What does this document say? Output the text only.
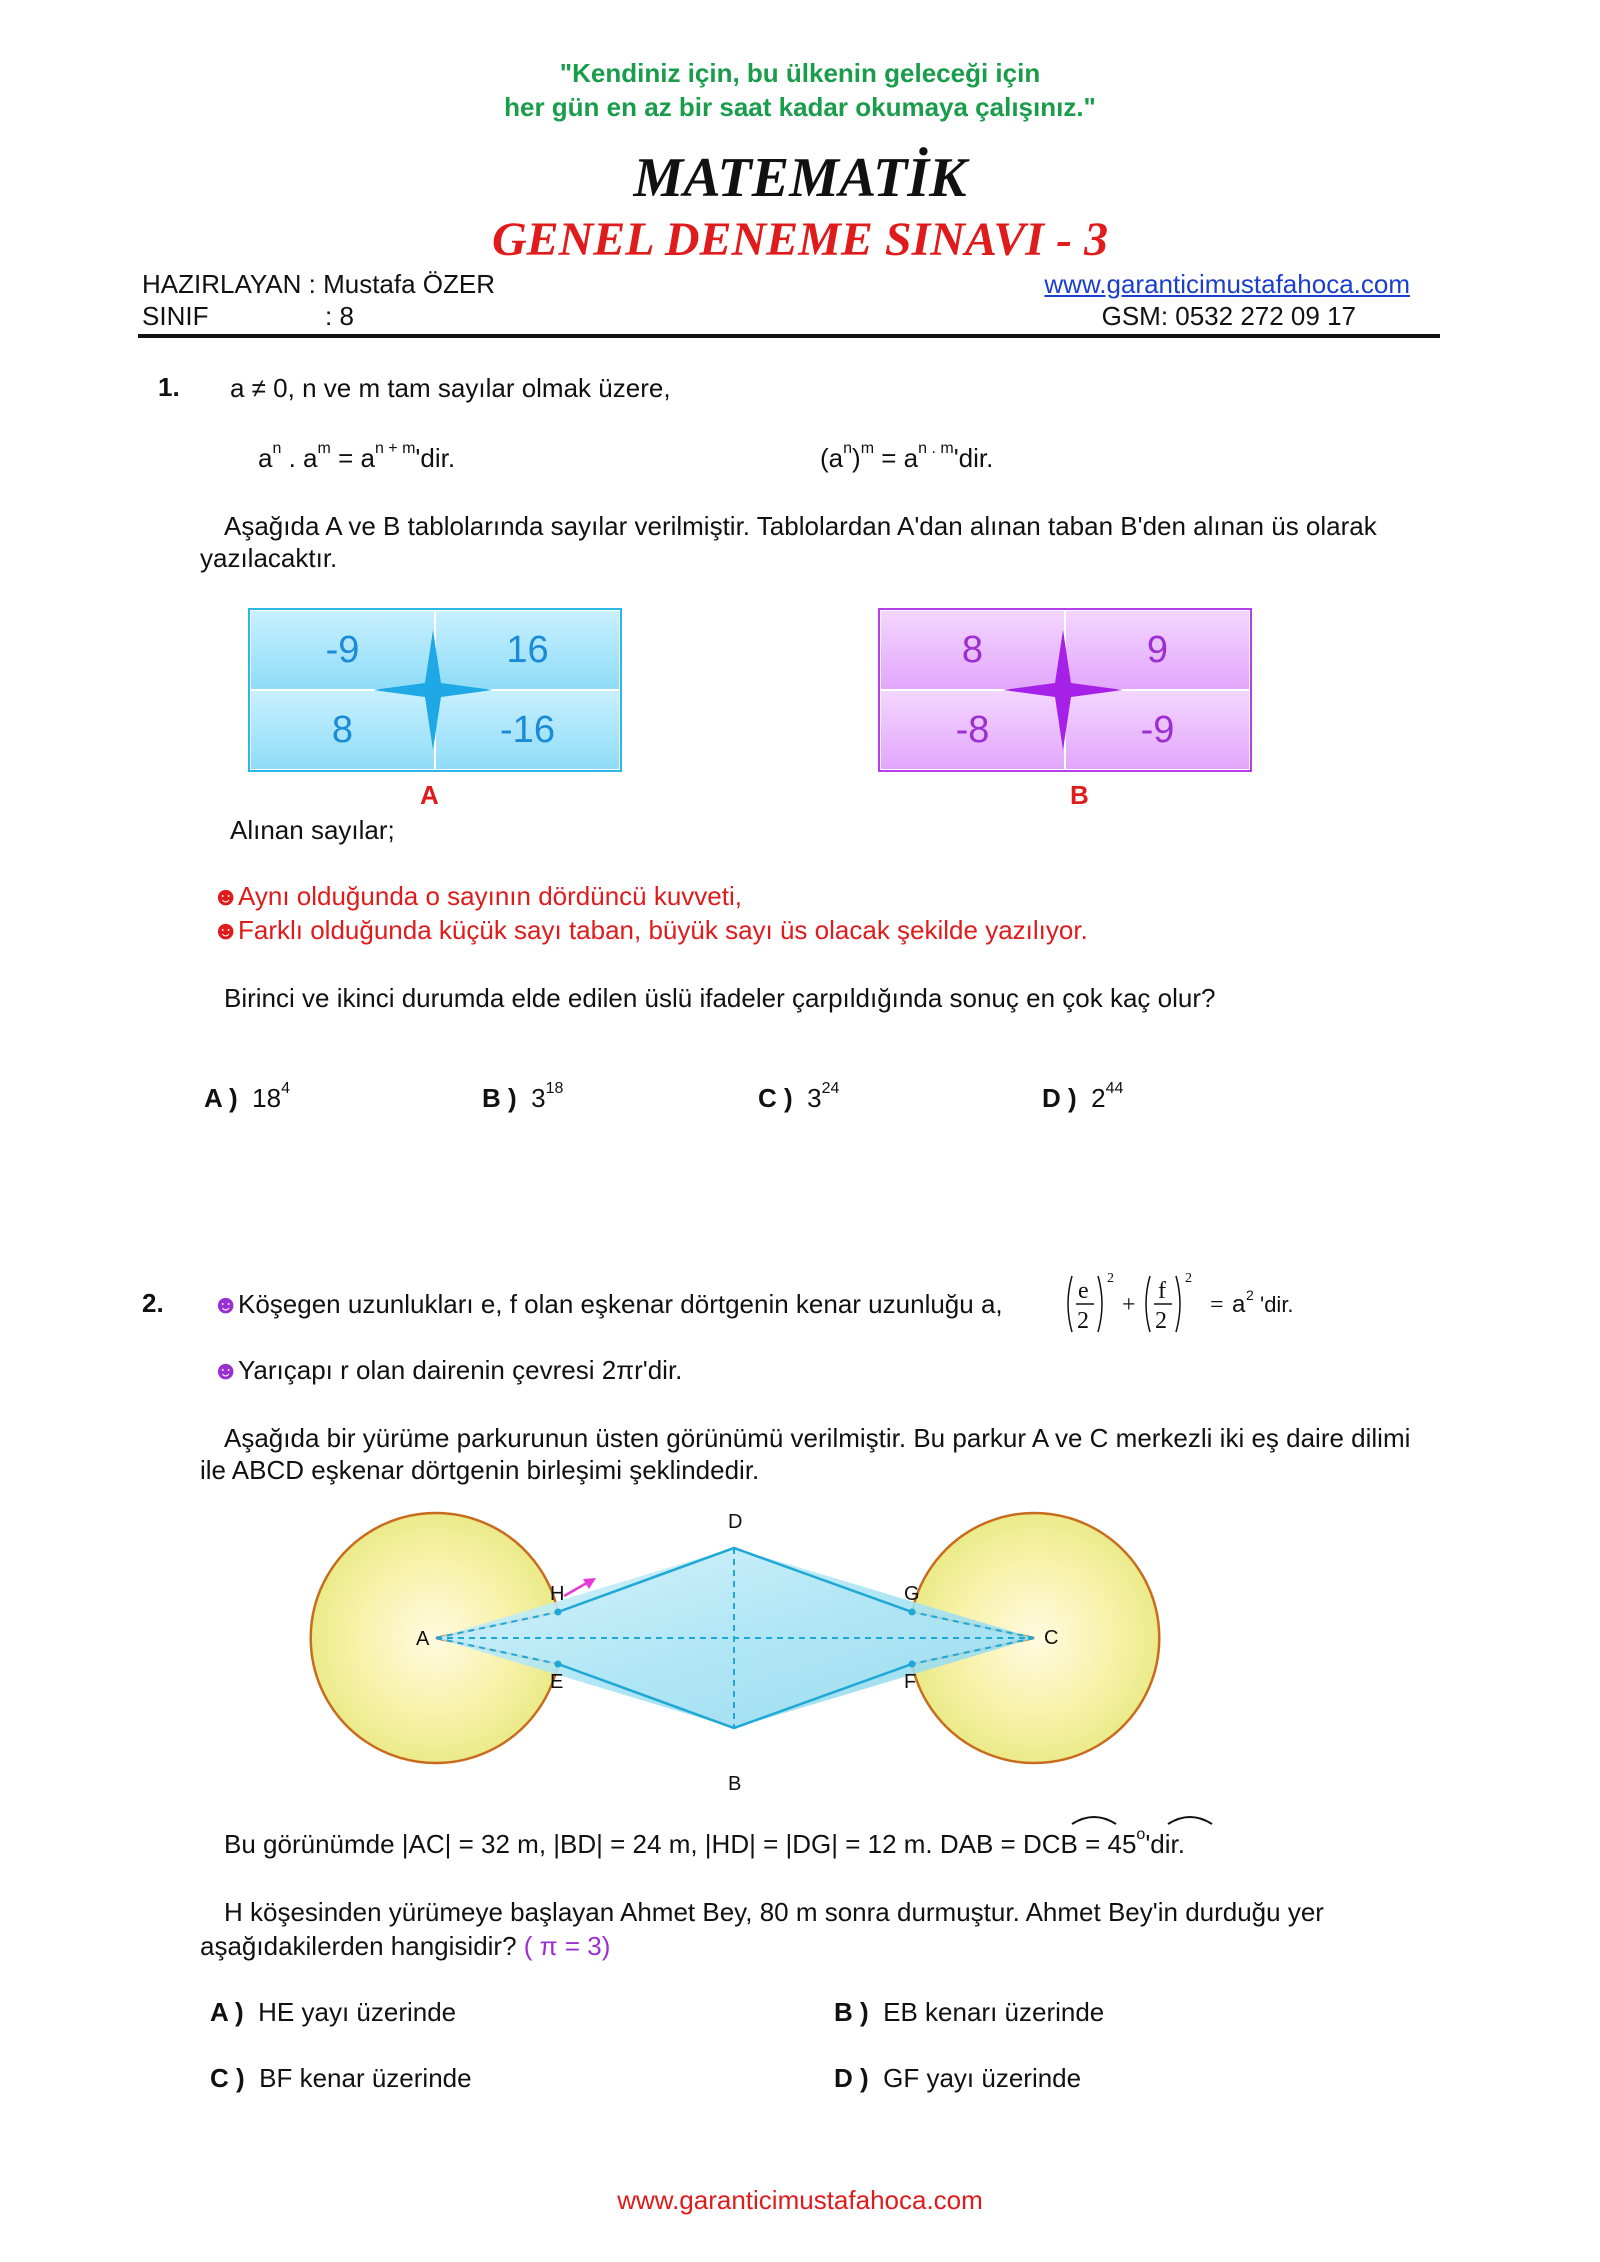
"Kendiniz için, bu ülkenin geleceği için
her gün en az bir saat kadar okumaya çalışınız."
MATEMATİK
GENEL DENEME SINAVI - 3
HAZIRLAYAN : Mustafa ÖZER
SINIF	: 8
www.garanticimustafahoca.com
GSM: 0532 272 09 17
1. a ≠ 0, n ve m tam sayılar olmak üzere,
$a^n$ . $a^m = a^{n + m}'dir$.	$(a^n)^m = a^{n . m}'dir$.
Aşağıda A ve B tablolarında sayılar verilmiştir. Tablolardan A'dan alınan taban B'den alınan üs olarak yazılacaktır.
-9	16
8	-16
A
8	9
-8	-9
B
Alınan sayılar;
☻Aynı olduğunda o sayının dördüncü kuvveti,
☻Farklı olduğunda küçük sayı taban, büyük sayı üs olacak şekilde yazılıyor.
Birinci ve ikinci durumda elde edilen üslü ifadeler çarpıldığında sonuç en çok kaç olur?
A ) $18^4$	B ) $3^{18}$	C ) $3^{24}$	D ) $2^{44}$
2. ☻Köşegen uzunlukları e, f olan eşkenar dörtgenin kenar uzunluğu a,	e
2
2
+
f
2
2
= a 2 'dir.
☻Yarıçapı r olan dairenin çevresi 2πr'dir.
Aşağıda bir yürüme parkurunun üsten görünümü verilmiştir. Bu parkur A ve C merkezli iki eş daire dilimi ile ABCD eşkenar dörtgenin birleşimi şeklindedir.
D
H	G
A	C
E	F
B
Bu görünümde |AC| = 32 m, |BD| = 24 m, |HD| = |DG| = 12 m. DAB = DCB = $45^o'dir$.
H köşesinden yürümeye başlayan Ahmet Bey, 80 m sonra durmuştur. Ahmet Bey'in durduğu yer
aşağıdakilerden hangisidir? ( π = 3)
A ) HE yayı üzerinde	B ) EB kenarı üzerinde
C ) BF kenar üzerinde	D ) GF yayı üzerinde
www.garanticimustafahoca.com
